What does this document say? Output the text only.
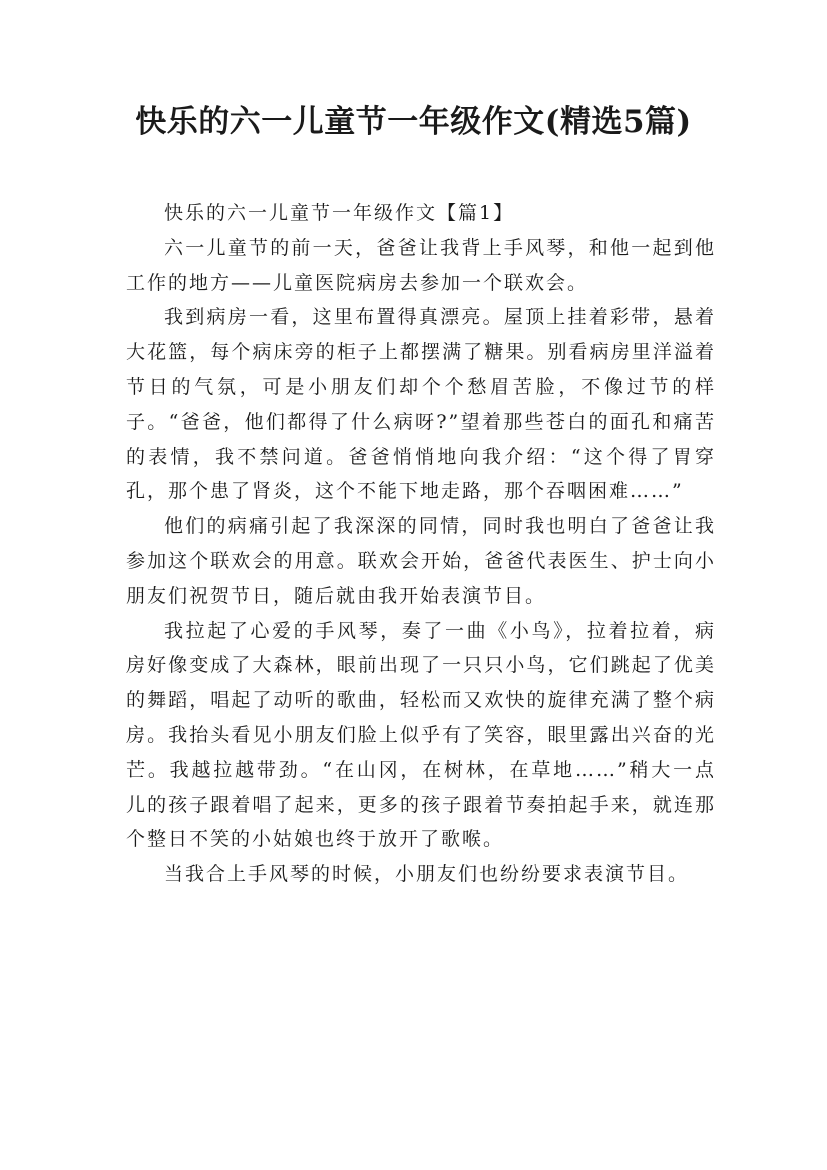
快乐的六一儿童节一年级作文(精选5篇)

快乐的六一儿童节一年级作文【篇1】

六一儿童节的前一天，爸爸让我背上手风琴，和他一起到他工作的地方——儿童医院病房去参加一个联欢会。

我到病房一看，这里布置得真漂亮。屋顶上挂着彩带，悬着大花篮，每个病床旁的柜子上都摆满了糖果。别看病房里洋溢着节日的气氛，可是小朋友们却个个愁眉苦脸，不像过节的样子。“爸爸，他们都得了什么病呀?”望着那些苍白的面孔和痛苦的表情，我不禁问道。爸爸悄悄地向我介绍：“这个得了胃穿孔，那个患了肾炎，这个不能下地走路，那个吞咽困难……”

他们的病痛引起了我深深的同情，同时我也明白了爸爸让我参加这个联欢会的用意。联欢会开始，爸爸代表医生、护士向小朋友们祝贺节日，随后就由我开始表演节目。

我拉起了心爱的手风琴，奏了一曲《小鸟》，拉着拉着，病房好像变成了大森林，眼前出现了一只只小鸟，它们跳起了优美的舞蹈，唱起了动听的歌曲，轻松而又欢快的旋律充满了整个病房。我抬头看见小朋友们脸上似乎有了笑容，眼里露出兴奋的光芒。我越拉越带劲。“在山冈，在树林，在草地……”稍大一点儿的孩子跟着唱了起来，更多的孩子跟着节奏拍起手来，就连那个整日不笑的小姑娘也终于放开了歌喉。

当我合上手风琴的时候，小朋友们也纷纷要求表演节目。
